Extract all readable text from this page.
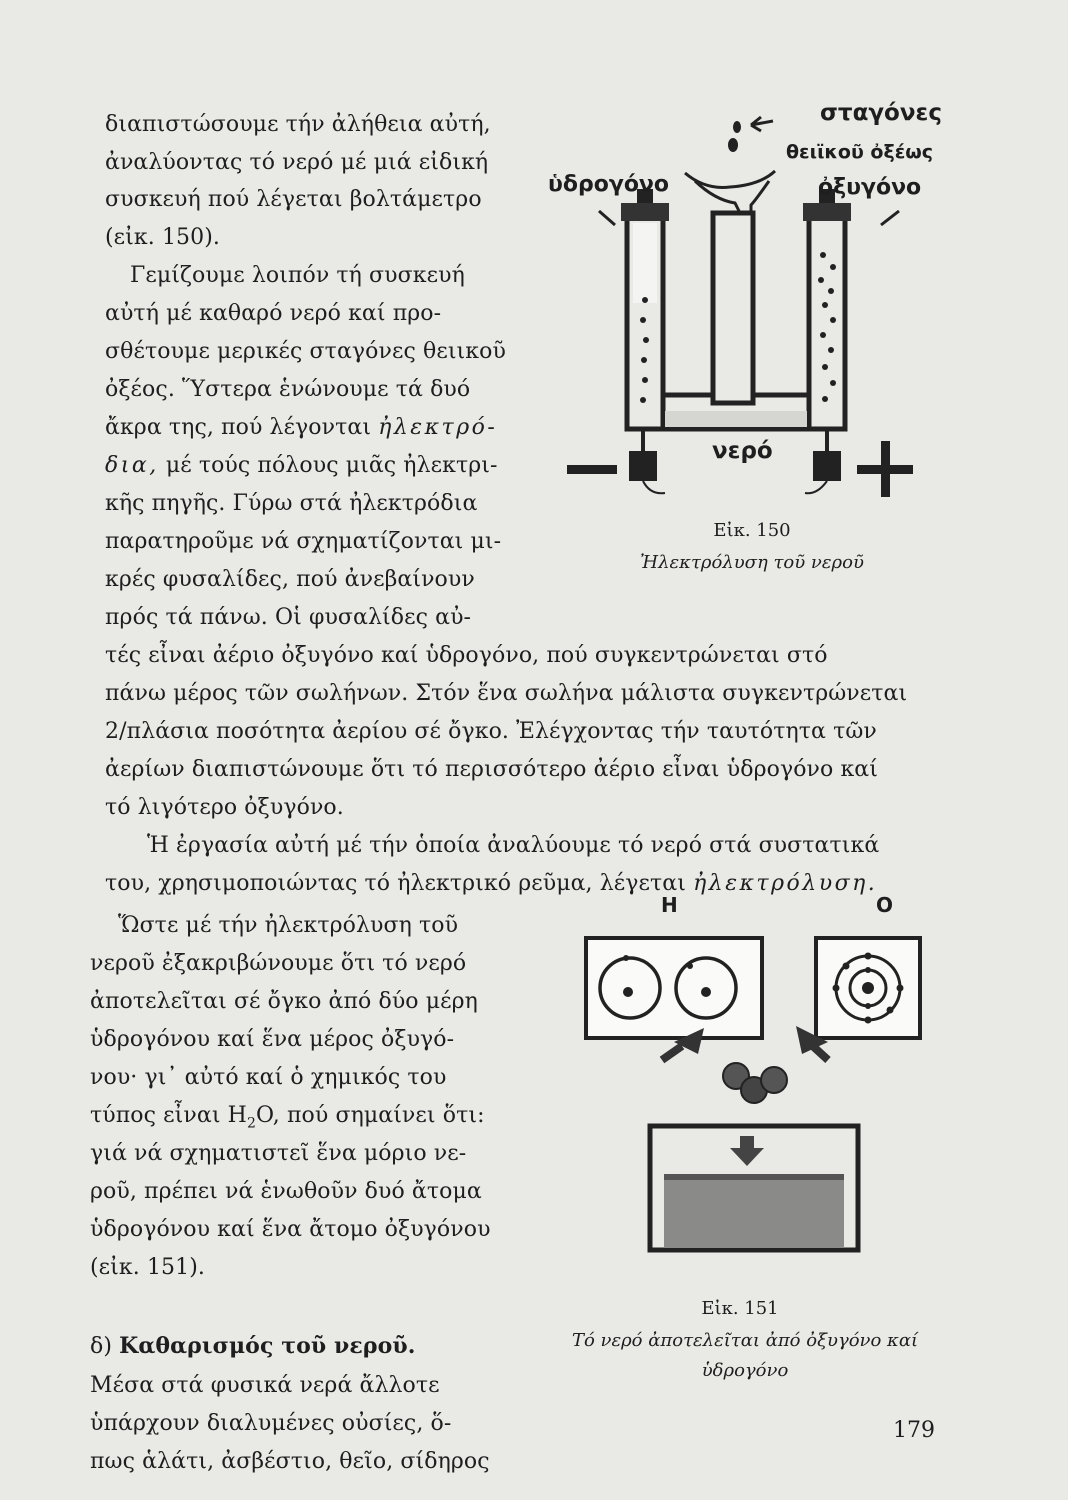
διαπιστώσουμε τήν ἀλήθεια αὐτή,
ἀναλύοντας τό νερό μέ μιά εἰδική
συσκευή πού λέγεται βολτάμετρο
(εἰκ. 150).
Γεμίζουμε λοιπόν τή συσκευή
αὐτή μέ καθαρό νερό καί προ-
σθέτουμε μερικές σταγόνες θειικοῦ
ὀξέος. Ὕστερα ἑνώνουμε τά δυό
ἄκρα της, πού λέγονται ἠλεκτρό-
δια, μέ τούς πόλους μιᾶς ἠλεκτρι-
κῆς πηγῆς. Γύρω στά ἠλεκτρόδια
παρατηροῦμε νά σχηματίζονται μι-
κρές φυσαλίδες, πού ἀνεβαίνουν
πρός τά πάνω. Οἱ φυσαλίδες αὐ-
τές εἶναι ἀέριο ὀξυγόνο καί ὑδρογόνο, πού συγκεντρώνεται στό
πάνω μέρος τῶν σωλήνων. Στόν ἕνα σωλήνα μάλιστα συγκεντρώνεται
2/πλάσια ποσότητα ἀερίου σέ ὄγκο. Ἐλέγχοντας τήν ταυτότητα τῶν
ἀερίων διαπιστώνουμε ὅτι τό περισσότερο ἀέριο εἶναι ὑδρογόνο καί
τό λιγότερο ὀξυγόνο.
Ἡ ἐργασία αὐτή μέ τήν ὁποία ἀναλύουμε τό νερό στά συστατικά
του, χρησιμοποιώντας τό ἠλεκτρικό ρεῦμα, λέγεται ἠλεκτρόλυση.
Ὥστε μέ τήν ἠλεκτρόλυση τοῦ
νεροῦ ἐξακριβώνουμε ὅτι τό νερό
ἀποτελεῖται σέ ὄγκο ἀπό δύο μέρη
ὑδρογόνου καί ἕνα μέρος ὀξυγό-
νου· γι᾽ αὐτό καί ὁ χημικός του
τύπος εἶναι $H_2O$, πού σημαίνει ὅτι:
γιά νά σχηματιστεῖ ἕνα μόριο νε-
ροῦ, πρέπει νά ἑνωθοῦν δυό ἄτομα
ὑδρογόνου καί ἕνα ἄτομο ὀξυγόνου
(εἰκ. 151).
δ) Καθαρισμός τοῦ νεροῦ.
Μέσα στά φυσικά νερά ἄλλοτε
ὑπάρχουν διαλυμένες οὐσίες, ὅ-
πως ἁλάτι, ἀσβέστιο, θεῖο, σίδηρος
σταγόνες
θειϊκοῦ ὀξέως
ὑδρογόνο	ὀξυγόνο
νερό
Εἰκ. 150
Ἠλεκτρόλυση τοῦ νεροῦ
H	O
Εἰκ. 151
Τό νερό ἀποτελεῖται ἀπό ὀξυγόνο καί
ὑδρογόνο
179
